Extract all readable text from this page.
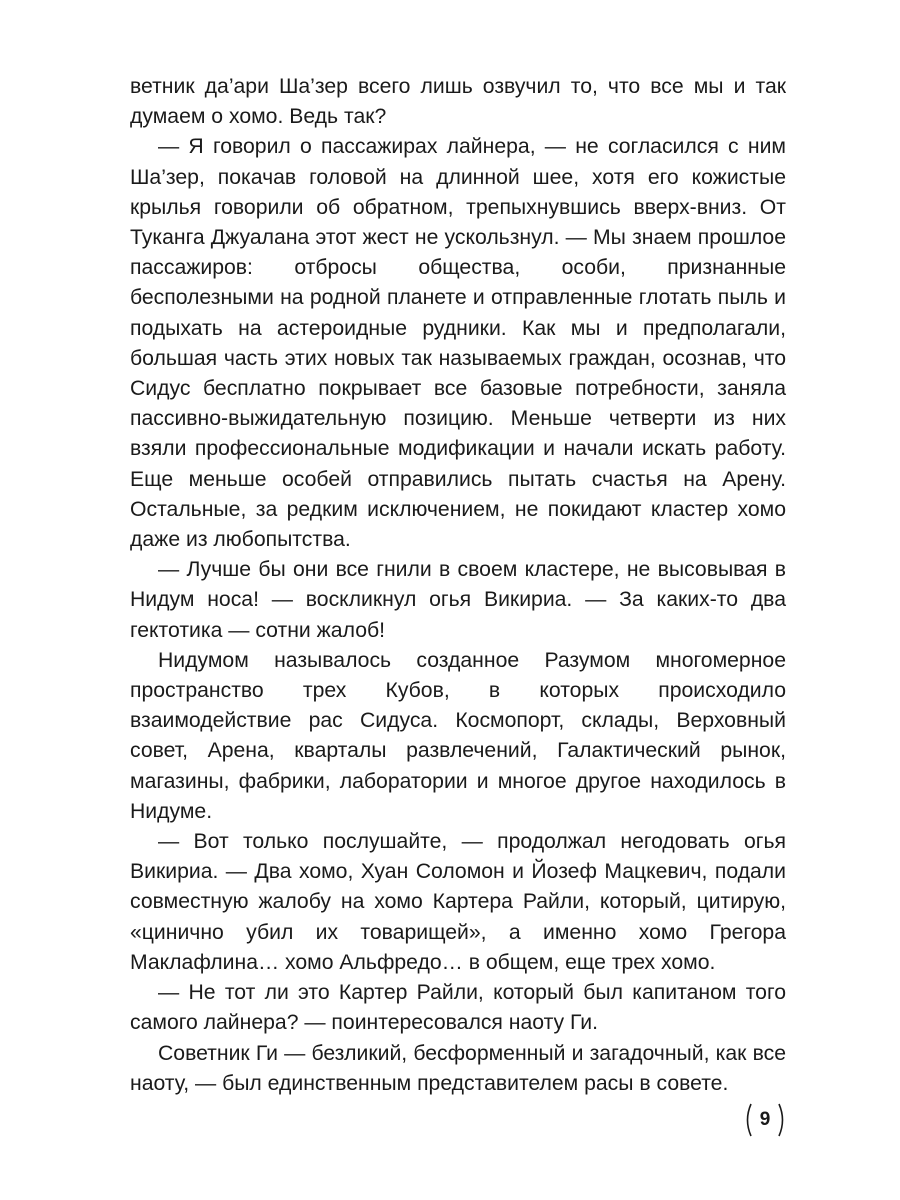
ветник да’ари Ша’зер всего лишь озвучил то, что все мы и так думаем о хомо. Ведь так?

— Я говорил о пассажирах лайнера, — не согласился с ним Ша’зер, покачав головой на длинной шее, хотя его кожистые крылья говорили об обратном, трепыхнувшись вверх-вниз. От Туканга Джуалана этот жест не ускользнул. — Мы знаем прошлое пассажиров: отбросы общества, особи, признанные бесполезными на родной планете и отправленные глотать пыль и подыхать на астероидные рудники. Как мы и предполагали, большая часть этих новых так называемых граждан, осознав, что Сидус бесплатно покрывает все базовые потребности, заняла пассивно-выжидательную позицию. Меньше четверти из них взяли профессиональные модификации и начали искать работу. Еще меньше особей отправились пытать счастья на Арену. Остальные, за редким исключением, не покидают кластер хомо даже из любопытства.

— Лучше бы они все гнили в своем кластере, не высовывая в Нидум носа! — воскликнул огья Викириа. — За каких-то два гектотика — сотни жалоб!

Нидумом называлось созданное Разумом многомерное пространство трех Кубов, в которых происходило взаимодействие рас Сидуса. Космопорт, склады, Верховный совет, Арена, кварталы развлечений, Галактический рынок, магазины, фабрики, лаборатории и многое другое находилось в Нидуме.

— Вот только послушайте, — продолжал негодовать огья Викириа. — Два хомо, Хуан Соломон и Йозеф Мацкевич, подали совместную жалобу на хомо Картера Райли, который, цитирую, «цинично убил их товарищей», а именно хомо Грегора Маклафлина… хомо Альфредо… в общем, еще трех хомо.

— Не тот ли это Картер Райли, который был капитаном того самого лайнера? — поинтересовался наоту Ги.

Советник Ги — безликий, бесформенный и загадочный, как все наоту, — был единственным представителем расы в совете.

9
